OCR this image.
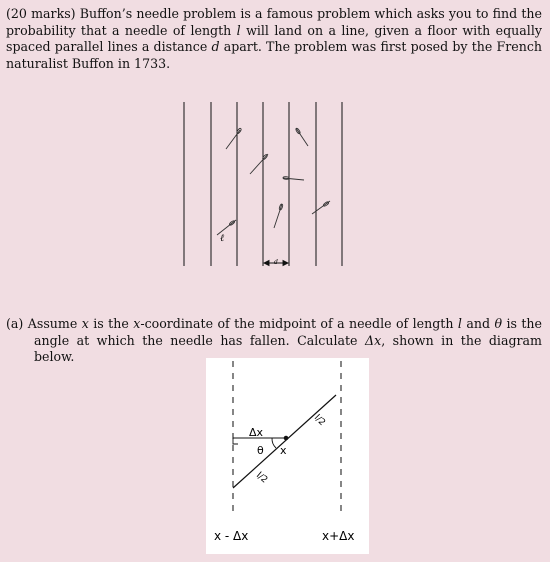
(20 marks) Buffon’s needle problem is a famous problem which asks you to find the probability that a needle of length l will land on a line, given a floor with equally spaced parallel lines a distance d apart. The problem was first posed by the French naturalist Buffon in 1733.

ℓ
d

(a) Assume x is the x-coordinate of the midpoint of a needle of length l and θ is the angle at which the needle has fallen. Calculate Δx, shown in the diagram below.

Δx
θ x
l/2
l/2
x - Δx	x+Δx
